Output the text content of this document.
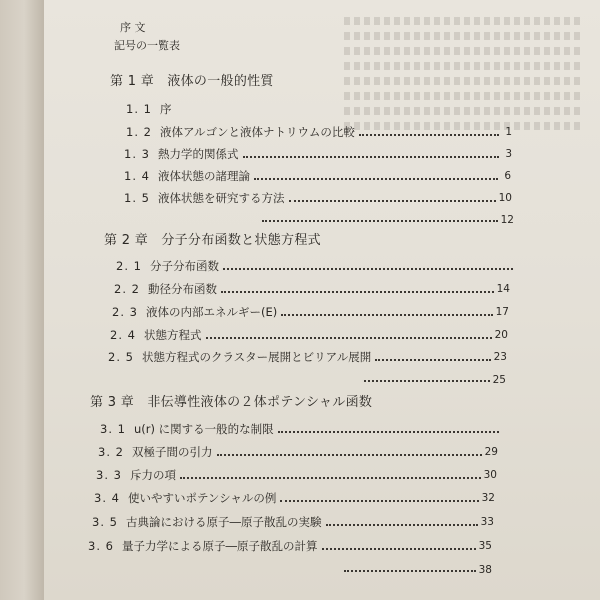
序 文
記号の一覧表
第 1 章　液体の一般的性質
1. 1 序
1. 2 液体アルゴンと液体ナトリウムの比較	1
1. 3 熱力学的関係式	3
1. 4 液体状態の諸理論	6
1. 5 液体状態を研究する方法	10
12
第 2 章　分子分布函数と状態方程式
2. 1 分子分布函数
2. 2 動径分布函数	14
2. 3 液体の内部エネルギー(E)	17
2. 4 状態方程式	20
2. 5 状態方程式のクラスター展開とビリアル展開	23
25
第 3 章　非伝導性液体の２体ポテンシャル函数
3. 1 u(r) に関する一般的な制限
3. 2 双極子間の引力	29
3. 3 斥力の項	30
3. 4 使いやすいポテンシャルの例	32
3. 5 古典論における原子―原子散乱の実験	33
3. 6 量子力学による原子―原子散乱の計算	35
38
